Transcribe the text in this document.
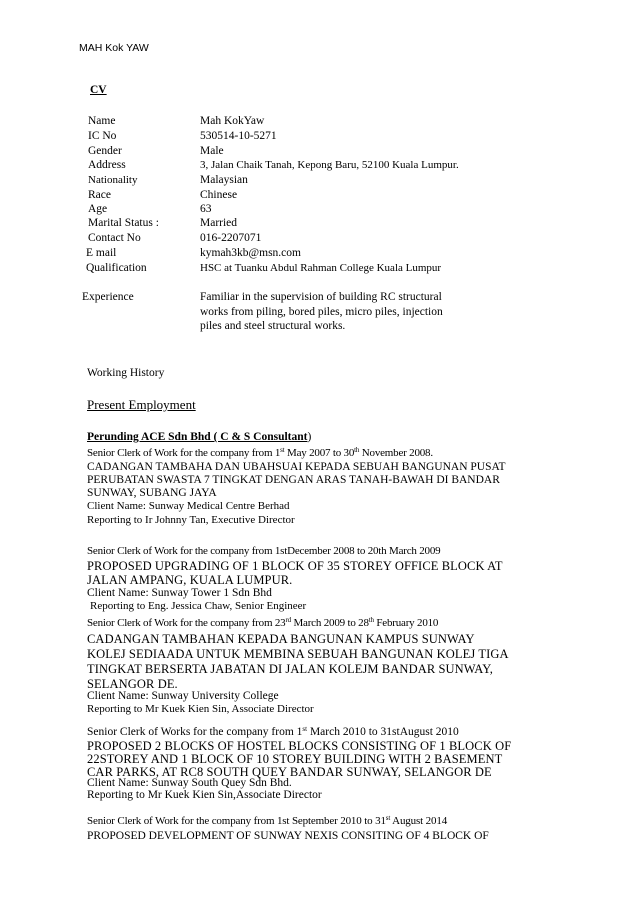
MAH Kok YAW
CV
Name	Mah KokYaw
IC No	530514-10-5271
Gender	Male
Address	3, Jalan Chaik Tanah, Kepong Baru, 52100 Kuala Lumpur.
Nationality	Malaysian
Race	Chinese
Age	63
Marital Status :	Married
Contact No	016-2207071
E mail	kymah3kb@msn.com
Qualification	HSC at Tuanku Abdul Rahman College Kuala Lumpur
Experience	Familiar in the supervision of building RC structural
works from piling, bored piles, micro piles, injection
piles and steel structural works.
Working History
Present Employment
Perunding ACE Sdn Bhd ( C & S Consultant)
Senior Clerk of Work for the company from 1st May 2007 to 30th November 2008.
CADANGAN TAMBAHA DAN UBAHSUAI KEPADA SEBUAH BANGUNAN PUSAT
PERUBATAN SWASTA 7 TINGKAT DENGAN ARAS TANAH-BAWAH DI BANDAR
SUNWAY, SUBANG JAYA
Client Name: Sunway Medical Centre Berhad
Reporting to Ir Johnny Tan, Executive Director
Senior Clerk of Work for the company from 1stDecember 2008 to 20th March 2009
PROPOSED UPGRADING OF 1 BLOCK OF 35 STOREY OFFICE BLOCK AT
JALAN AMPANG, KUALA LUMPUR.
Client Name: Sunway Tower 1 Sdn Bhd
Reporting to Eng. Jessica Chaw, Senior Engineer
Senior Clerk of Work for the company from 23rd March 2009 to 28th February 2010
CADANGAN TAMBAHAN KEPADA BANGUNAN KAMPUS SUNWAY
KOLEJ SEDIAADA UNTUK MEMBINA SEBUAH BANGUNAN KOLEJ TIGA
TINGKAT BERSERTA JABATAN DI JALAN KOLEJM BANDAR SUNWAY,
SELANGOR DE.
Client Name: Sunway University College
Reporting to Mr Kuek Kien Sin, Associate Director
Senior Clerk of Works for the company from 1st March 2010 to 31stAugust 2010
PROPOSED 2 BLOCKS OF HOSTEL BLOCKS CONSISTING OF 1 BLOCK OF
22STOREY AND 1 BLOCK OF 10 STOREY BUILDING WITH 2 BASEMENT
CAR PARKS, AT RC8 SOUTH QUEY BANDAR SUNWAY, SELANGOR DE
Client Name: Sunway South Quey Sdn Bhd.
Reporting to Mr Kuek Kien Sin,Associate Director
Senior Clerk of Work for the company from 1st September 2010 to 31st August 2014
PROPOSED DEVELOPMENT OF SUNWAY NEXIS CONSITING OF 4 BLOCK OF
